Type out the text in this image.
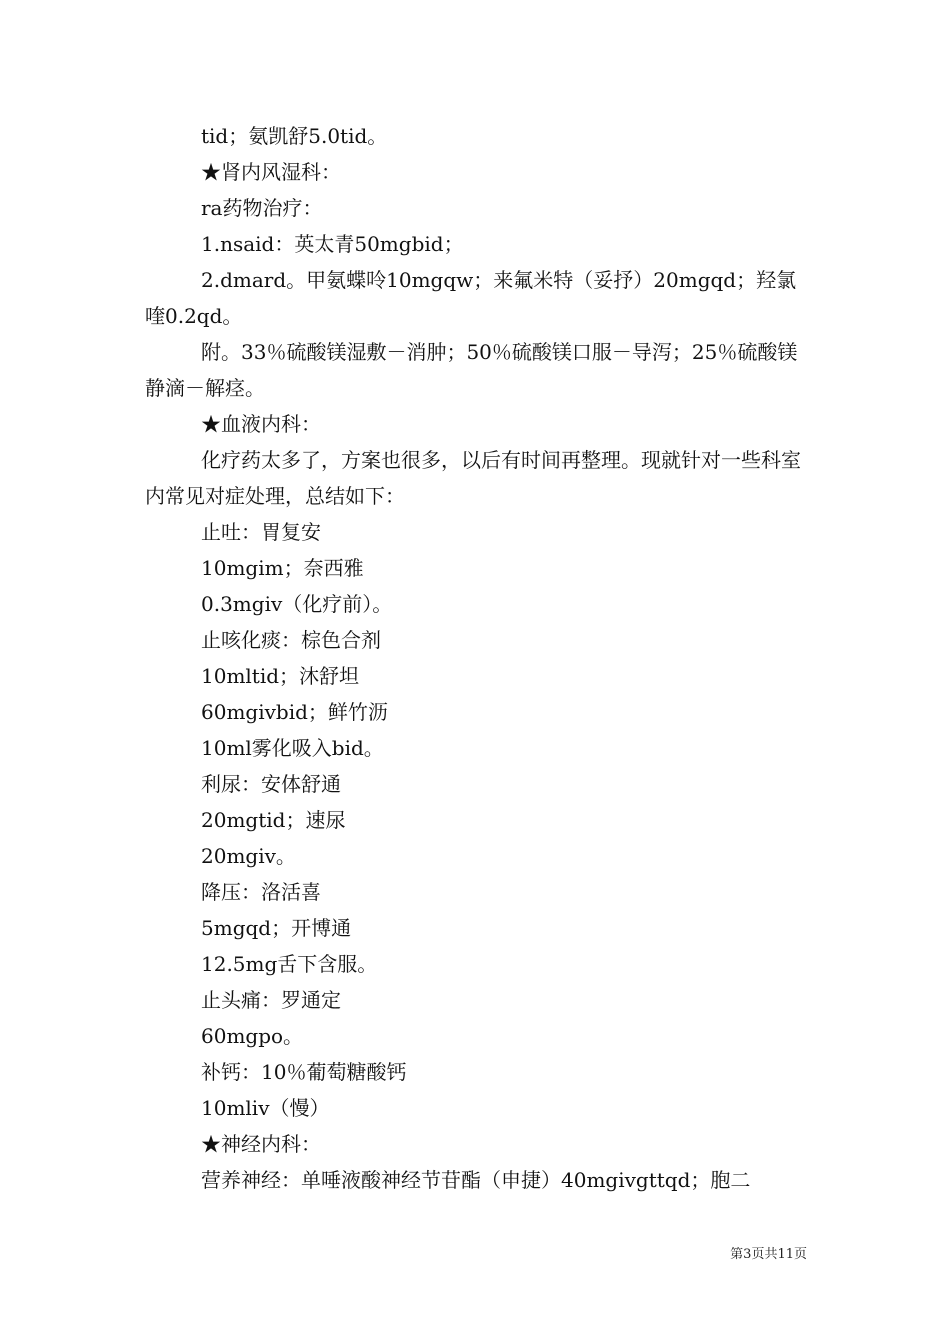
tid；氨凯舒5.0tid。

★肾内风湿科：

ra药物治疗：

1.nsaid：英太青50mgbid；

2.dmard。甲氨蝶呤10mgqw；来氟米特（妥抒）20mgqd；羟氯喹0.2qd。

附。33％硫酸镁湿敷－消肿；50％硫酸镁口服－导泻；25％硫酸镁静滴－解痉。

★血液内科：

化疗药太多了，方案也很多，以后有时间再整理。现就针对一些科室内常见对症处理，总结如下：

止吐：胃复安

10mgim；奈西雅

0.3mgiv（化疗前）。

止咳化痰：棕色合剂

10mltid；沐舒坦

60mgivbid；鲜竹沥

10ml雾化吸入bid。

利尿：安体舒通

20mgtid；速尿

20mgiv。

降压：洛活喜

5mgqd；开博通

12.5mg舌下含服。

止头痛：罗通定

60mgpo。

补钙：10％葡萄糖酸钙

10mliv（慢）

★神经内科：

营养神经：单唾液酸神经节苷酯（申捷）40mgivgttqd；胞二

第3页共11页
